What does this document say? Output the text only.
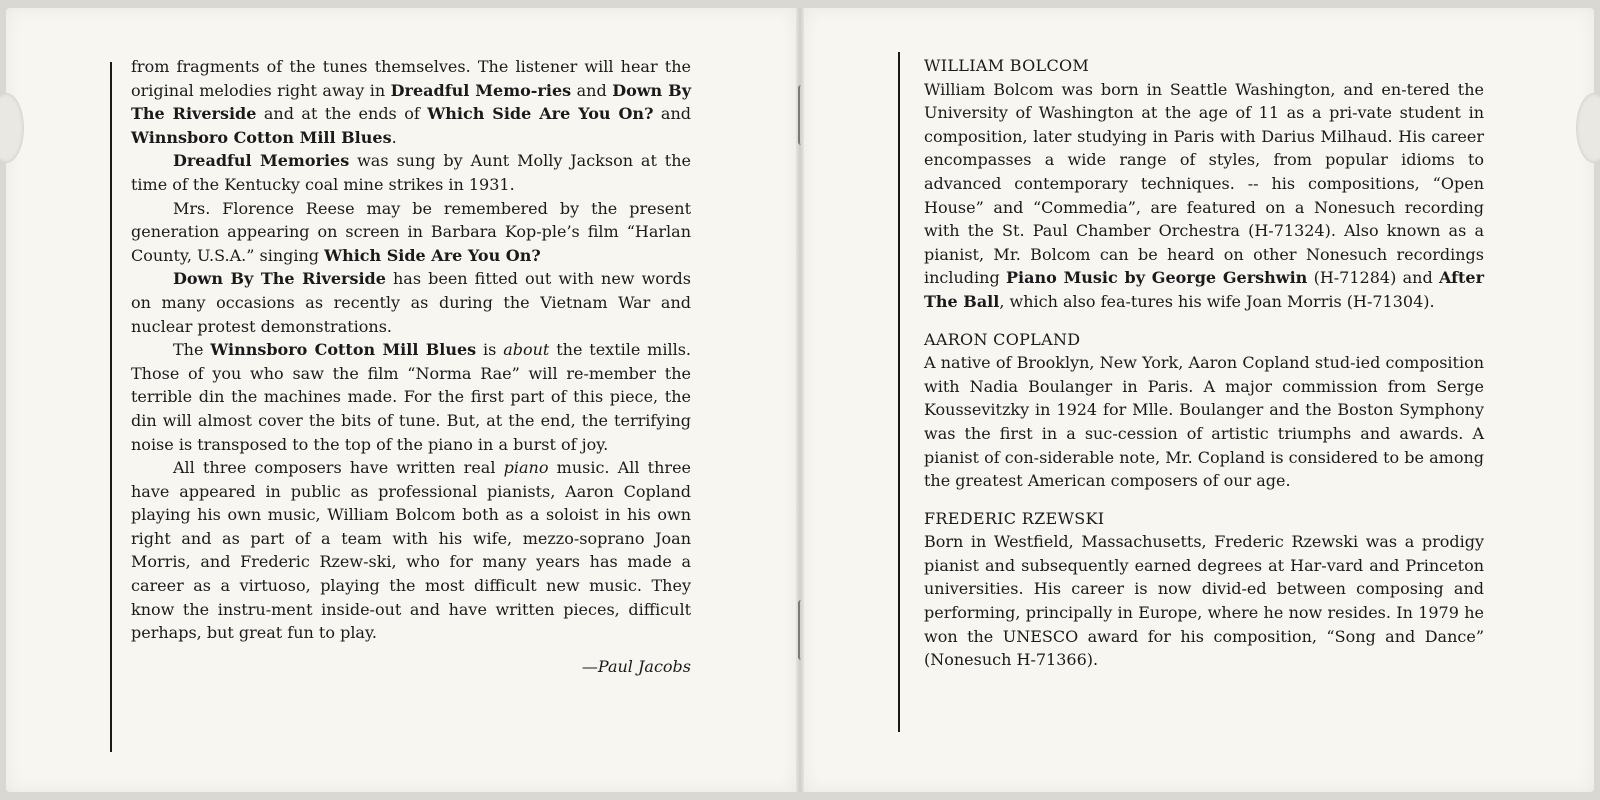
from fragments of the tunes themselves. The listener will hear the original melodies right away in Dreadful Memo-ries and Down By The Riverside and at the ends of Which Side Are You On? and Winnsboro Cotton Mill Blues.

Dreadful Memories was sung by Aunt Molly Jackson at the time of the Kentucky coal mine strikes in 1931.

Mrs. Florence Reese may be remembered by the present generation appearing on screen in Barbara Kop-ple’s film “Harlan County, U.S.A.” singing Which Side Are You On?

Down By The Riverside has been fitted out with new words on many occasions as recently as during the Vietnam War and nuclear protest demonstrations.

The Winnsboro Cotton Mill Blues is about the textile mills. Those of you who saw the film “Norma Rae” will re-member the terrible din the machines made. For the first part of this piece, the din will almost cover the bits of tune. But, at the end, the terrifying noise is transposed to the top of the piano in a burst of joy.

All three composers have written real piano music. All three have appeared in public as professional pianists, Aaron Copland playing his own music, William Bolcom both as a soloist in his own right and as part of a team with his wife, mezzo-soprano Joan Morris, and Frederic Rzew-ski, who for many years has made a career as a virtuoso, playing the most difficult new music. They know the instru-ment inside-out and have written pieces, difficult perhaps, but great fun to play.

—Paul Jacobs

WILLIAM BOLCOM

William Bolcom was born in Seattle Washington, and en-tered the University of Washington at the age of 11 as a pri-vate student in composition, later studying in Paris with Darius Milhaud. His career encompasses a wide range of styles, from popular idioms to advanced contemporary techniques. -- his compositions, “Open House” and “Commedia”, are featured on a Nonesuch recording with the St. Paul Chamber Orchestra (H-71324). Also known as a pianist, Mr. Bolcom can be heard on other Nonesuch recordings including Piano Music by George Gershwin (H-71284) and After The Ball, which also fea-tures his wife Joan Morris (H-71304).

AARON COPLAND

A native of Brooklyn, New York, Aaron Copland stud-ied composition with Nadia Boulanger in Paris. A major commission from Serge Koussevitzky in 1924 for Mlle. Boulanger and the Boston Symphony was the first in a suc-cession of artistic triumphs and awards. A pianist of con-siderable note, Mr. Copland is considered to be among the greatest American composers of our age.

FREDERIC RZEWSKI

Born in Westfield, Massachusetts, Frederic Rzewski was a prodigy pianist and subsequently earned degrees at Har-vard and Princeton universities. His career is now divid-ed between composing and performing, principally in Europe, where he now resides. In 1979 he won the UNESCO award for his composition, “Song and Dance” (Nonesuch H-71366).
